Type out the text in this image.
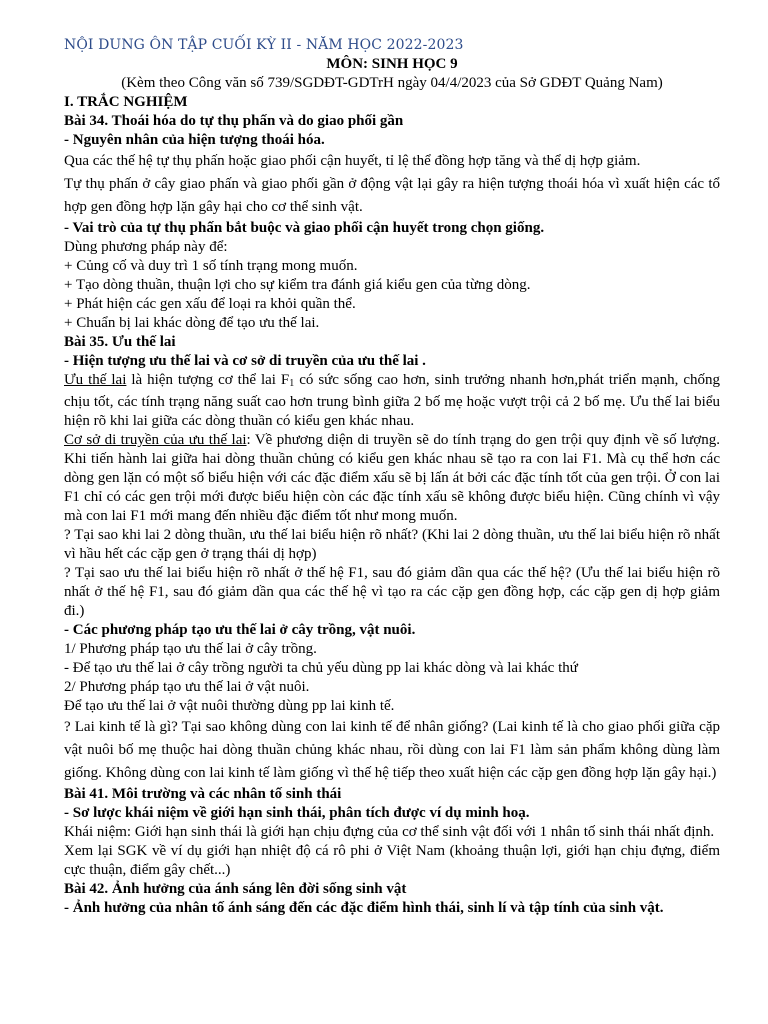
NỘI DUNG ÔN TẬP CUỐI KỲ II - NĂM HỌC 2022-2023
MÔN: SINH HỌC 9
(Kèm theo Công văn số 739/SGDĐT-GDTrH ngày 04/4/2023 của Sở GDĐT Quảng Nam)
I. TRẮC NGHIỆM
Bài 34. Thoái hóa do tự thụ phấn và do giao phối gần
- Nguyên nhân của hiện tượng thoái hóa.

Qua các thế hệ tự thụ phấn hoặc giao phối cận huyết, tỉ lệ thể đồng hợp tăng và thể dị hợp giảm.

Tự thụ phấn ở cây giao phấn và giao phối gần ở động vật lại gây ra hiện tượng thoái hóa vì xuất hiện các tổ hợp gen đồng hợp lặn gây hại cho cơ thể sinh vật.

- Vai trò của tự thụ phấn bắt buộc và giao phối cận huyết trong chọn giống.
Dùng phương pháp này để:
+ Củng cố và duy trì 1 số tính trạng mong muốn.
+ Tạo dòng thuần, thuận lợi cho sự kiểm tra đánh giá kiểu gen của từng dòng.
+ Phát hiện các gen xấu để loại ra khỏi quần thể.
+ Chuẩn bị lai khác dòng để tạo ưu thế lai.
Bài 35. Ưu thế lai
- Hiện tượng ưu thế lai và cơ sở di truyền của ưu thế lai .

Ưu thế lai là hiện tượng cơ thể lai $F_1$ có sức sống cao hơn, sinh trưởng nhanh hơn,phát triển mạnh, chống chịu tốt, các tính trạng năng suất cao hơn trung bình giữa 2 bố mẹ hoặc vượt trội cả 2 bố mẹ. Ưu thế lai biểu hiện rõ khi lai giữa các dòng thuần có kiểu gen khác nhau.

Cơ sở di truyền của ưu thế lai: Về phương diện di truyền sẽ do tính trạng do gen trội quy định về số lượng. Khi tiến hành lai giữa hai dòng thuần chủng có kiểu gen khác nhau sẽ tạo ra con lai F1. Mà cụ thể hơn các dòng gen lặn có một số biểu hiện với các đặc điểm xấu sẽ bị lấn át bởi các đặc tính tốt của gen trội. Ở con lai F1 chỉ có các gen trội mới được biểu hiện còn các đặc tính xấu sẽ không được biểu hiện. Cũng chính vì vậy mà con lai F1 mới mang đến nhiều đặc điểm tốt như mong muốn.

? Tại sao khi lai 2 dòng thuần, ưu thế lai biểu hiện rõ nhất? (Khi lai 2 dòng thuần, ưu thế lai biểu hiện rõ nhất vì hầu hết các cặp gen ở trạng thái dị hợp)

? Tại sao ưu thế lai biểu hiện rõ nhất ở thế hệ F1, sau đó giảm dần qua các thế hệ? (Ưu thế lai biểu hiện rõ nhất ở thế hệ F1, sau đó giảm dần qua các thế hệ vì tạo ra các cặp gen đồng hợp, các cặp gen dị hợp giảm đi.)

- Các phương pháp tạo ưu thế lai ở cây trồng, vật nuôi.
1/ Phương pháp tạo ưu thế lai ở cây trồng.
- Để tạo ưu thế lai ở cây trồng người ta chủ yếu dùng pp lai khác dòng và lai khác thứ
2/ Phương pháp tạo ưu thế lai ở vật nuôi.
Để tạo ưu thế lai ở vật nuôi thường dùng pp lai kinh tế.

? Lai kinh tế là gì? Tại sao không dùng con lai kinh tế để nhân giống? (Lai kinh tế là cho giao phối giữa cặp vật nuôi bố mẹ thuộc hai dòng thuần chủng khác nhau, rồi dùng con lai F1 làm sản phẩm không dùng làm giống. Không dùng con lai kinh tế làm giống vì thế hệ tiếp theo xuất hiện các cặp gen đồng hợp lặn gây hại.)

Bài 41. Môi trường và các nhân tố sinh thái
- Sơ lược khái niệm về giới hạn sinh thái, phân tích được ví dụ minh hoạ.

Khái niệm: Giới hạn sinh thái là giới hạn chịu đựng của cơ thể sinh vật đối với 1 nhân tố sinh thái nhất định.

Xem lại SGK về ví dụ giới hạn nhiệt độ cá rô phi ở Việt Nam (khoảng thuận lợi, giới hạn chịu đựng, điểm cực thuận, điểm gây chết...)

Bài 42. Ảnh hưởng của ánh sáng lên đời sống sinh vật

- Ảnh hưởng của nhân tố ánh sáng đến các đặc điểm hình thái, sinh lí và tập tính của sinh vật.
